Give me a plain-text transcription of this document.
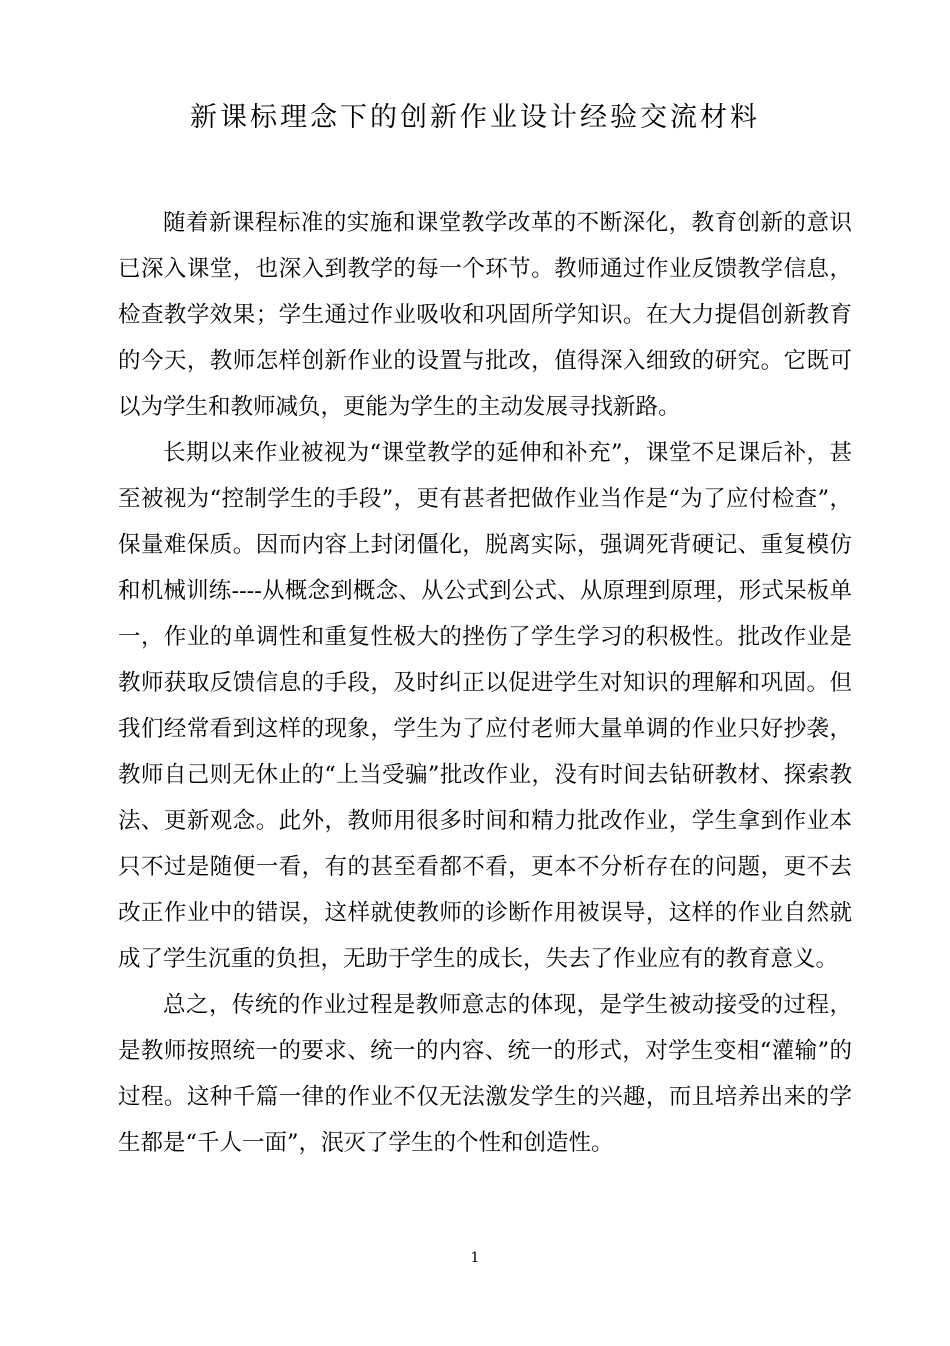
新课标理念下的创新作业设计经验交流材料

随着新课程标准的实施和课堂教学改革的不断深化，教育创新的意识已深入课堂，也深入到教学的每一个环节。教师通过作业反馈教学信息，检查教学效果；学生通过作业吸收和巩固所学知识。在大力提倡创新教育的今天，教师怎样创新作业的设置与批改，值得深入细致的研究。它既可以为学生和教师减负，更能为学生的主动发展寻找新路。

长期以来作业被视为“课堂教学的延伸和补充”，课堂不足课后补，甚至被视为“控制学生的手段”，更有甚者把做作业当作是“为了应付检查”，保量难保质。因而内容上封闭僵化，脱离实际，强调死背硬记、重复模仿和机械训练----从概念到概念、从公式到公式、从原理到原理，形式呆板单一，作业的单调性和重复性极大的挫伤了学生学习的积极性。批改作业是教师获取反馈信息的手段，及时纠正以促进学生对知识的理解和巩固。但我们经常看到这样的现象，学生为了应付老师大量单调的作业只好抄袭，教师自己则无休止的“上当受骗”批改作业，没有时间去钻研教材、探索教法、更新观念。此外，教师用很多时间和精力批改作业，学生拿到作业本只不过是随便一看，有的甚至看都不看，更本不分析存在的问题，更不去改正作业中的错误，这样就使教师的诊断作用被误导，这样的作业自然就成了学生沉重的负担，无助于学生的成长，失去了作业应有的教育意义。

总之，传统的作业过程是教师意志的体现，是学生被动接受的过程，是教师按照统一的要求、统一的内容、统一的形式，对学生变相“灌输”的过程。这种千篇一律的作业不仅无法激发学生的兴趣，而且培养出来的学生都是“千人一面”，泯灭了学生的个性和创造性。

1
